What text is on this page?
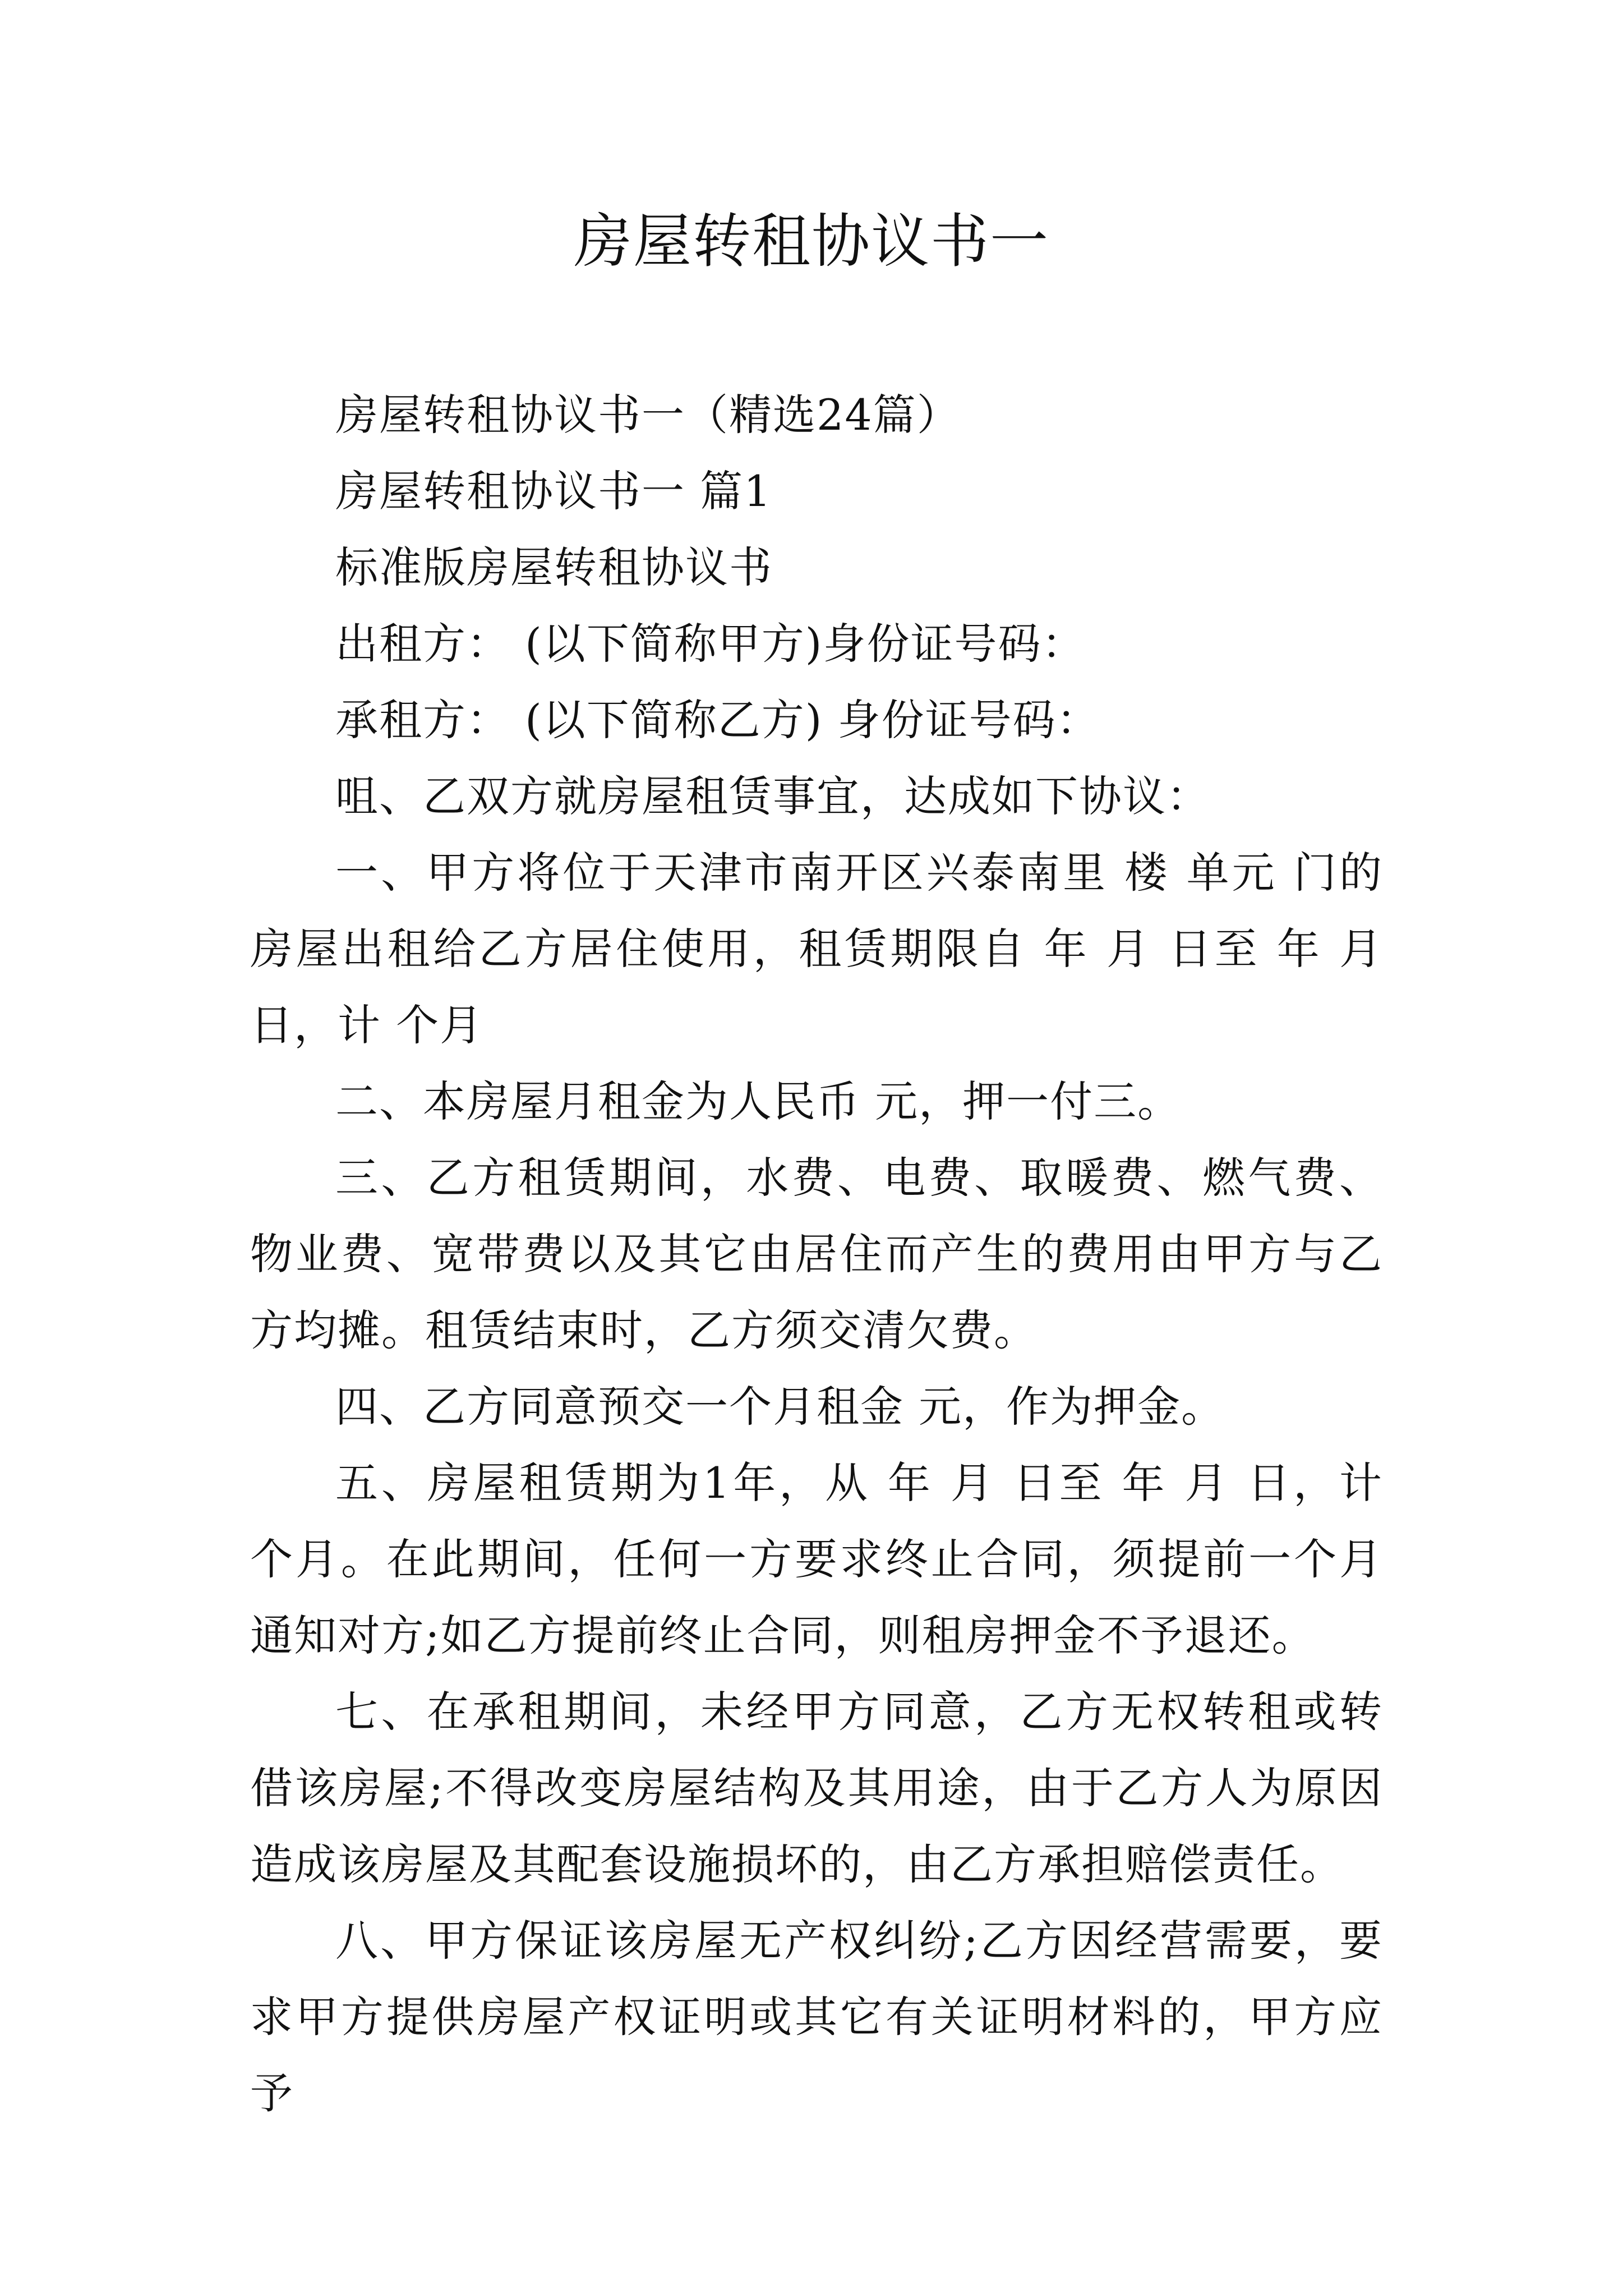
房屋转租协议书一

房屋转租协议书一（精选24篇）

房屋转租协议书一 篇1

标准版房屋转租协议书

出租方： (以下简称甲方)身份证号码：

承租方： (以下简称乙方) 身份证号码：

咀、乙双方就房屋租赁事宜，达成如下协议：

一、甲方将位于天津市南开区兴泰南里 楼 单元 门的房屋出租给乙方居住使用，租赁期限自 年 月 日至 年 月 日，计 个月

二、本房屋月租金为人民币 元，押一付三。

三、乙方租赁期间，水费、电费、取暖费、燃气费、物业费、宽带费以及其它由居住而产生的费用由甲方与乙方均摊。租赁结束时，乙方须交清欠费。

四、乙方同意预交一个月租金 元，作为押金。

五、房屋租赁期为1年，从 年 月 日至 年 月 日，计 个月。在此期间，任何一方要求终止合同，须提前一个月通知对方;如乙方提前终止合同，则租房押金不予退还。

七、在承租期间，未经甲方同意，乙方无权转租或转借该房屋;不得改变房屋结构及其用途，由于乙方人为原因造成该房屋及其配套设施损坏的，由乙方承担赔偿责任。

八、甲方保证该房屋无产权纠纷;乙方因经营需要，要求甲方提供房屋产权证明或其它有关证明材料的，甲方应予
